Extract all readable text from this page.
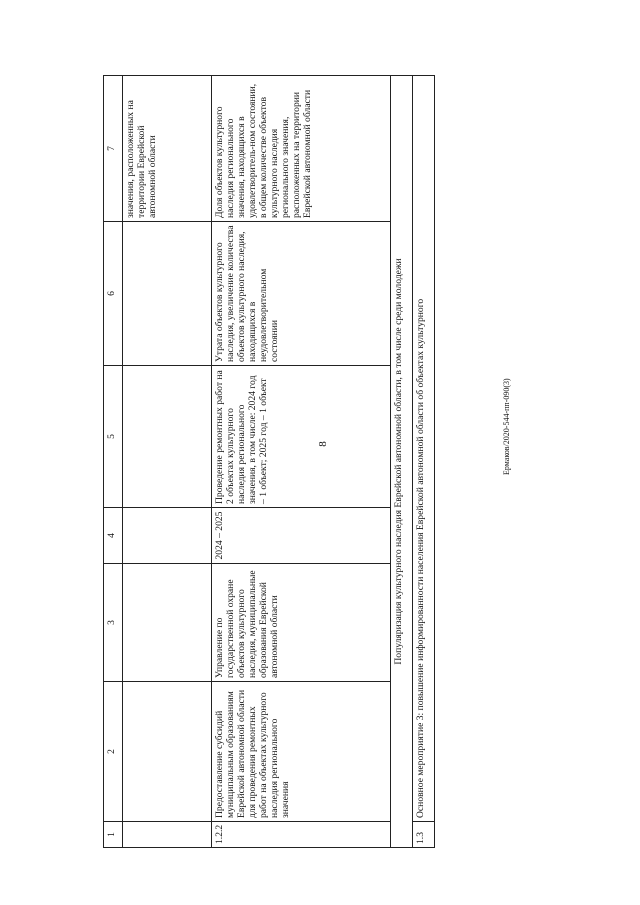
8	Ермаков/2020-544-пп-090(3)
1	2	3	4	5	6	7
						значения, расположенных на территории Еврейской автономной области
1.2.2	Предоставление субсидий муниципальным образованиям Еврейской автономной области для проведения ремонтных работ на объектах культурного наследия регионального значения	Управление по государственной охране объектов культурного наследия, муниципальные образования Еврейской автономной области	2024 – 2025	Проведение ремонтных работ на 2 объектах культурного наследия регионального значения, в том числе: 2024 год – 1 объект; 2025 год – 1 объект	Утрата объектов культурного наследия, увеличение количества объектов культурного наследия, находящихся в неудовлетворительном состоянии	Доля объектов культурного наследия регионального значения, находящихся в удовлетворитель-ном состоянии, в общем количестве объектов культурного наследия регионального значения, расположенных на территории Еврейской автономной области
Популяризация культурного наследия Еврейской автономной области, в том числе среди молодежи						
1.3	Основное мероприятие 3: повышение информированности населения Еврейской автономной области об объектах культурного					
